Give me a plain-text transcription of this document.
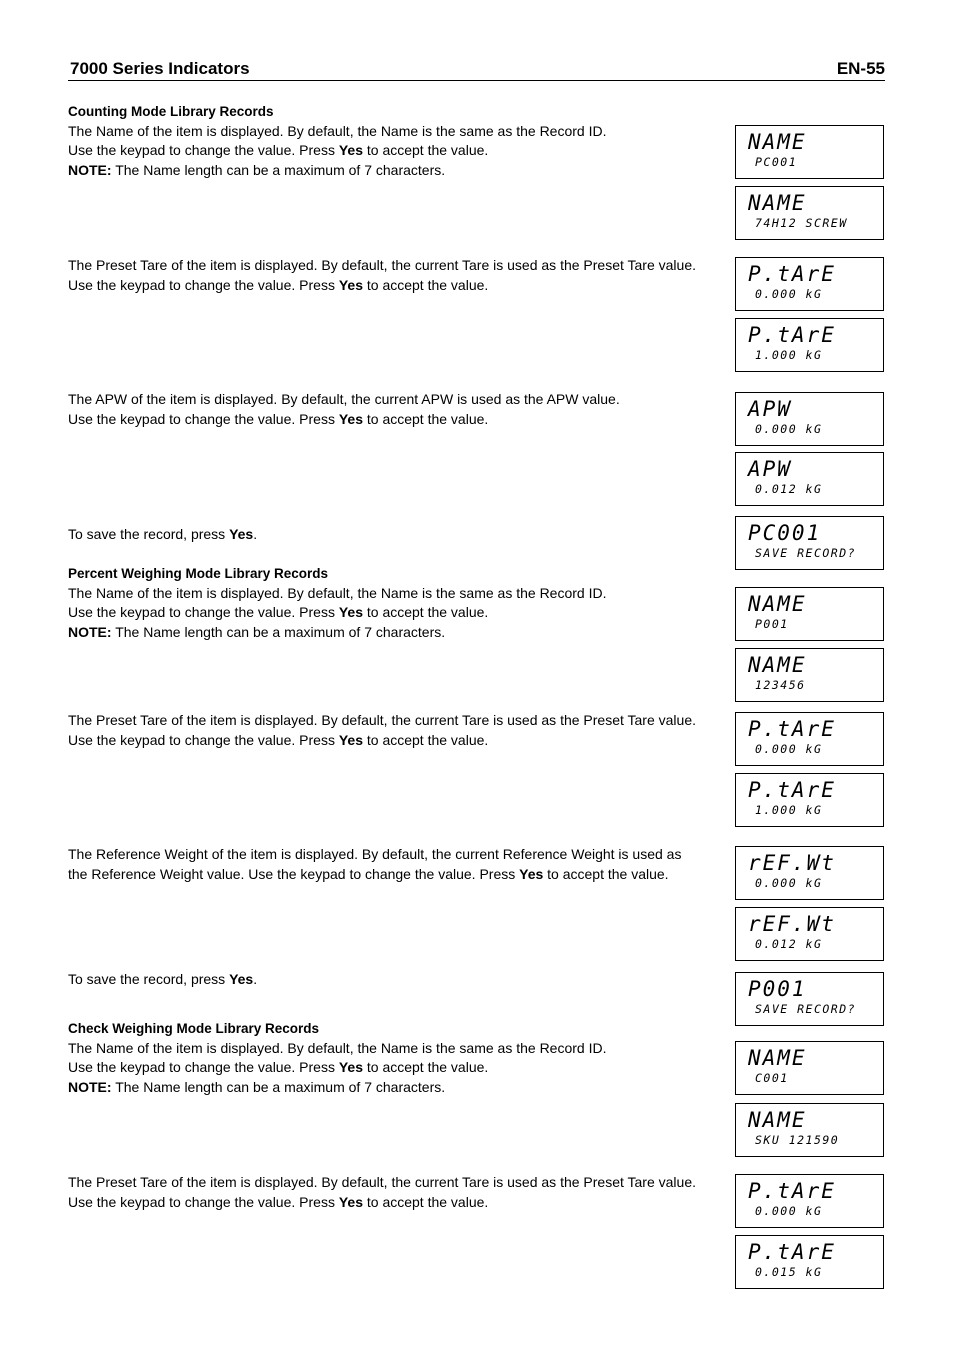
7000 Series Indicators	EN-55

Counting Mode Library Records

The Name of the item is displayed. By default, the Name is the same as the Record ID.

Use the keypad to change the value. Press Yes to accept the value.

NOTE: The Name length can be a maximum of 7 characters.

The Preset Tare of the item is displayed. By default, the current Tare is used as the Preset Tare value.

Use the keypad to change the value. Press Yes to accept the value.

The APW of the item is displayed. By default, the current APW is used as the APW value.

Use the keypad to change the value. Press Yes to accept the value.

To save the record, press Yes.

Percent Weighing Mode Library Records

The Name of the item is displayed. By default, the Name is the same as the Record ID.

Use the keypad to change the value. Press Yes to accept the value.

NOTE: The Name length can be a maximum of 7 characters.

The Preset Tare of the item is displayed. By default, the current Tare is used as the Preset Tare value.

Use the keypad to change the value. Press Yes to accept the value.

The Reference Weight of the item is displayed. By default, the current Reference Weight is used as

the Reference Weight value. Use the keypad to change the value. Press Yes to accept the value.

To save the record, press Yes.

Check Weighing Mode Library Records

The Name of the item is displayed. By default, the Name is the same as the Record ID.

Use the keypad to change the value. Press Yes to accept the value.

NOTE: The Name length can be a maximum of 7 characters.

The Preset Tare of the item is displayed. By default, the current Tare is used as the Preset Tare value.

Use the keypad to change the value. Press Yes to accept the value.

NAME
PC001
NAME
74H12 SCREW
P.tArE
0.000 kG
P.tArE
1.000 kG
APW
0.000 kG
APW
0.012 kG
PC001
SAVE RECORD?
NAME
P001
NAME
123456
P.tArE
0.000 kG
P.tArE
1.000 kG
rEF.Wt
0.000 kG
rEF.Wt
0.012 kG
P001
SAVE RECORD?
NAME
C001
NAME
SKU 121590
P.tArE
0.000 kG
P.tArE
0.015 kG
